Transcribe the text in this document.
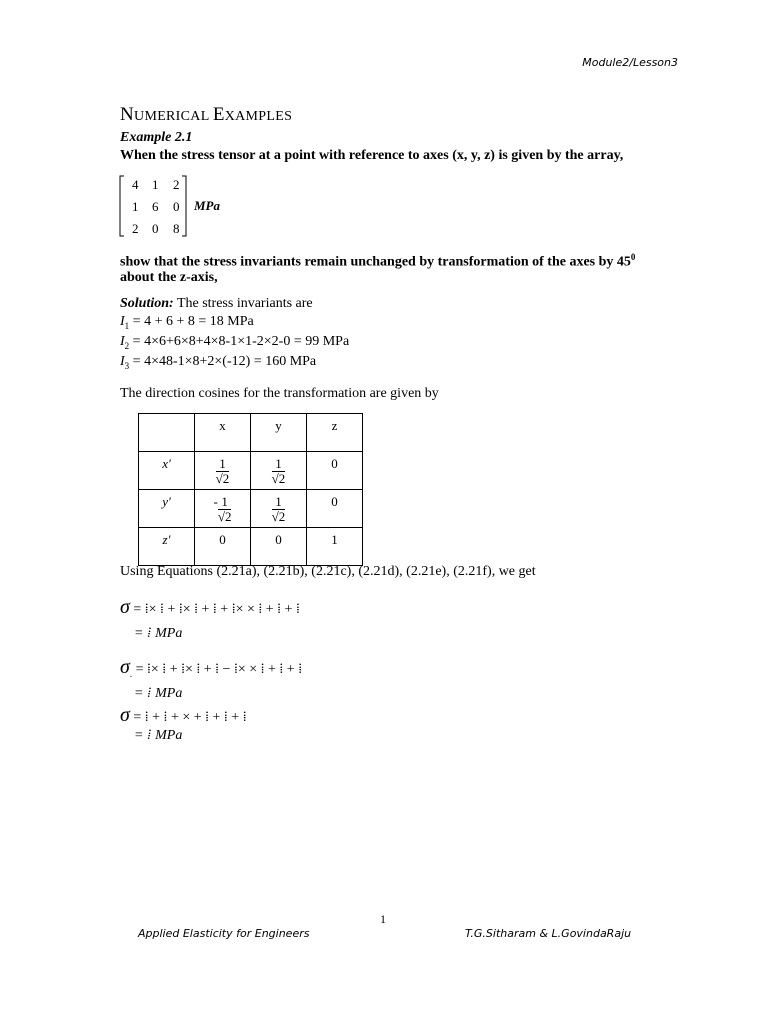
Module2/Lesson3
NUMERICAL EXAMPLES
Example 2.1
When the stress tensor at a point with reference to axes (x, y, z) is given by the array,
4 1 2
1 6 0
2 0 8
MPa
show that the stress invariants remain unchanged by transformation of the axes by $45^0$
about the z-axis,
Solution: The stress invariants are
$I_1 = 4 + 6 + 8 = 18$ MPa
$I_2 = 4\times 6+6\times 8+4\times 8-1\times 1-2\times 2-0 = 99$ MPa
$I_3 = 4\times 48-1\times 8+2\times(-12) = 160$ MPa
The direction cosines for the transformation are given by
	x	y	z
x′	$\frac{1}{√2}$	$\frac{1}{√2}$	0
y′	- $\frac{1}{√2}$	$\frac{1}{√2}$	0
z′	0	0	1
Using Equations (2.21a), (2.21b), (2.21c), (2.21d), (2.21e), (2.21f), we get
σ = ⁞× ⁞ + ⁞× ⁞ + ⁞ + ⁞× × ⁞ + ⁞ + ⁞
= ⁞ MPa
$\sigma_.$ = ⁞× ⁞ + ⁞× ⁞ + ⁞ − ⁞× × ⁞ + ⁞ + ⁞
= ⁞ MPa
σ = ⁞ + ⁞ + × + ⁞ + ⁞ + ⁞
= ⁞ MPa
1
Applied Elasticity for Engineers	T.G.Sitharam & L.GovindaRaju
